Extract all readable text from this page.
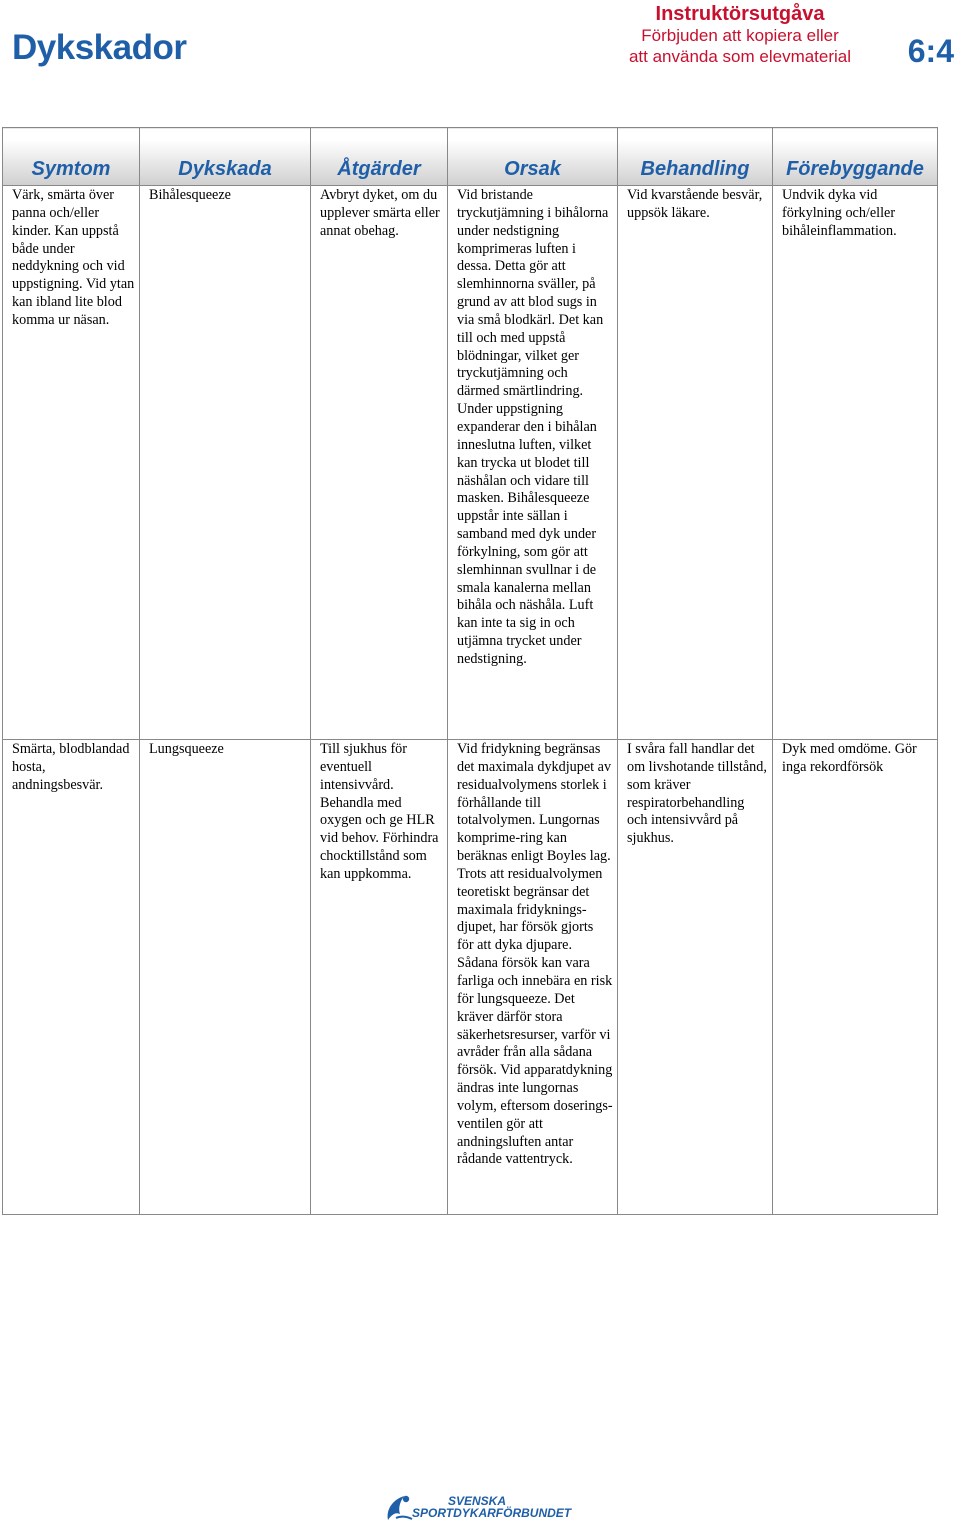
Dykskador
Instruktörsutgåva
Förbjuden att kopiera eller
att använda som elevmaterial	6:4
Symtom	Dykskada	Åtgärder	Orsak	Behandling	Förebyggande
Värk, smärta över panna och/eller kinder. Kan uppstå både under neddykning och vid uppstigning. Vid ytan kan ibland lite blod komma ur näsan.	Bihålesqueeze	Avbryt dyket, om du upplever smärta eller annat obehag.	Vid bristande tryckutjämning i bihålorna under nedstigning komprimeras luften i dessa. Detta gör att slemhinnorna sväller, på grund av att blod sugs in via små blodkärl. Det kan till och med uppstå blödningar, vilket ger tryckutjämning och därmed smärtlindring. Under uppstigning expanderar den i bihålan inneslutna luften, vilket kan trycka ut blodet till näshålan och vidare till masken. Bihålesqueeze uppstår inte sällan i samband med dyk under förkylning, som gör att slemhinnan svullnar i de smala kanalerna mellan bihåla och näshåla. Luft kan inte ta sig in och utjämna trycket under nedstigning.	Vid kvarstående besvär, uppsök läkare.	Undvik dyka vid förkylning och/eller bihåleinflammation.
Smärta, blodblandad hosta, andningsbesvär.	Lungsqueeze	Till sjukhus för eventuell intensivvård. Behandla med oxygen och ge HLR vid behov. Förhindra chocktillstånd som kan uppkomma.	Vid fridykning begränsas det maximala dykdjupet av residualvolymens storlek i förhållande till totalvolymen. Lungornas komprime-ring kan beräknas enligt Boyles lag. Trots att residualvolymen teoretiskt begränsar det maximala fridyknings-djupet, har försök gjorts för att dyka djupare. Sådana försök kan vara farliga och innebära en risk för lungsqueeze. Det kräver därför stora säkerhetsresurser, varför vi avråder från alla sådana försök. Vid apparatdykning ändras inte lungornas volym, eftersom doserings-ventilen gör att andningsluften antar rådande vattentryck.	I svåra fall handlar det om livshotande tillstånd, som kräver respiratorbehandling och intensivvård på sjukhus.	Dyk med omdöme. Gör inga rekordförsök
SVENSKA
SPORTDYKARFÖRBUNDET
